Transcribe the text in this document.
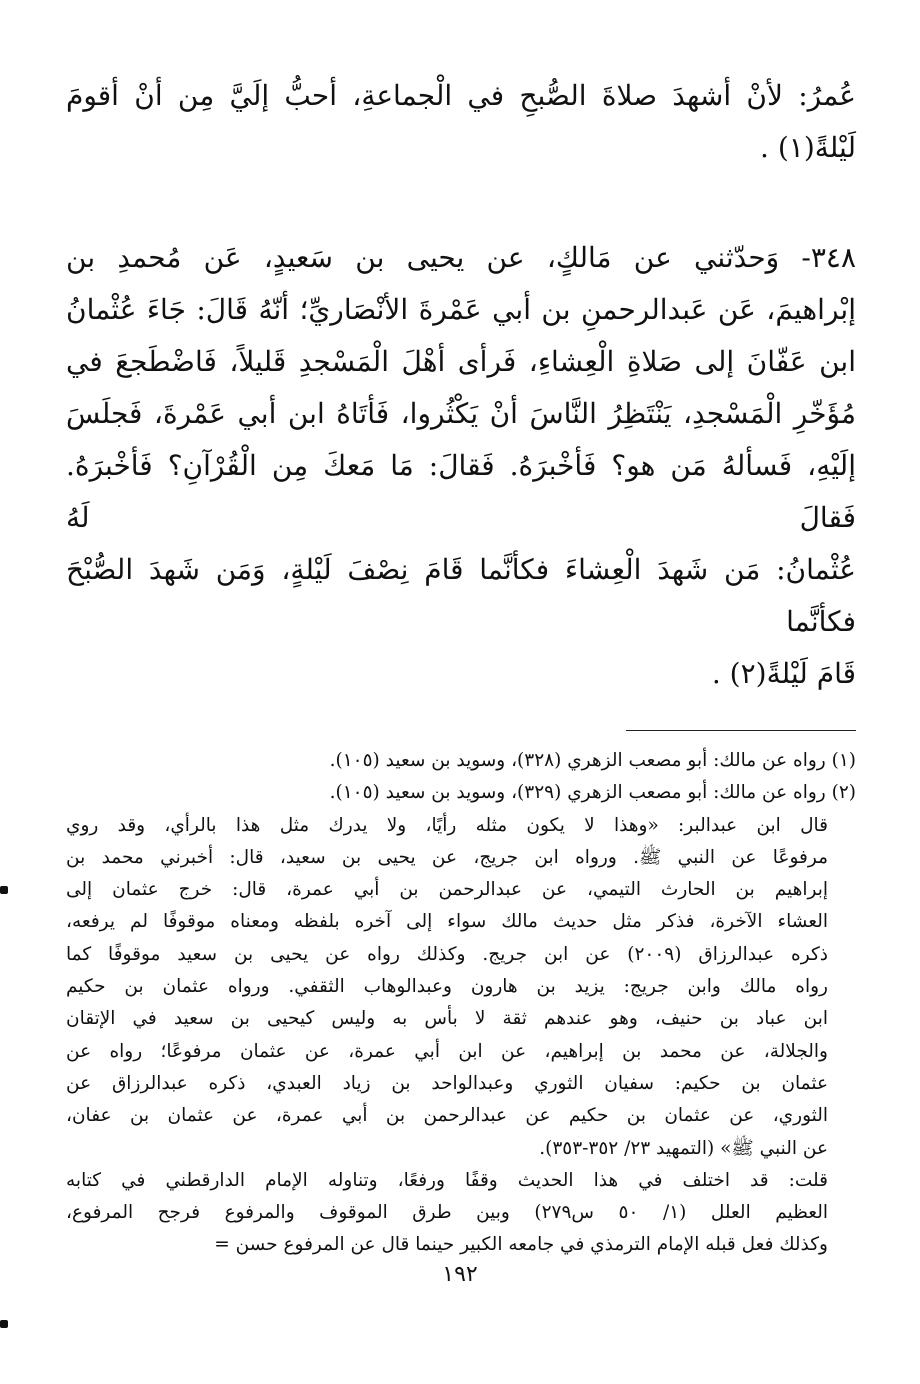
عُمرُ: لأنْ أشهدَ صلاةَ الصُّبحِ في الْجماعةِ، أحبُّ إلَيَّ مِن أنْ أقومَ
لَيْلةً(١) .
٣٤٨- وَحدّثني عن مَالكٍ، عن يحيى بن سَعيدٍ، عَن مُحمدِ بن
إبْراهيمَ، عَن عَبدالرحمنِ بن أبي عَمْرةَ الأنْصَاريِّ؛ أنّهُ قَالَ: جَاءَ عُثْمانُ
ابن عَفّانَ إلى صَلاةِ الْعِشاءِ، فَرأى أهْلَ الْمَسْجدِ قَليلاً، فَاضْطَجعَ في
مُؤَخّرِ الْمَسْجدِ، يَنْتَظِرُ النَّاسَ أنْ يَكْثُروا، فَأتَاهُ ابن أبي عَمْرةَ، فَجلَسَ
إلَيْهِ، فَسألهُ مَن هو؟ فَأخْبرَهُ. فَقالَ: مَا مَعكَ مِن الْقُرْآنِ؟ فَأخْبرَهُ. فَقالَ لَهُ
عُثْمانُ: مَن شَهدَ الْعِشاءَ فكأنَّما قَامَ نِصْفَ لَيْلةٍ، وَمَن شَهدَ الصُّبْحَ فكأنَّما
قَامَ لَيْلةً(٢) .
(١) رواه عن مالك: أبو مصعب الزهري (٣٢٨)، وسويد بن سعيد (١٠٥).
(٢) رواه عن مالك: أبو مصعب الزهري (٣٢٩)، وسويد بن سعيد (١٠٥).
قال ابن عبدالبر: «وهذا لا يكون مثله رأيًا، ولا يدرك مثل هذا بالرأي، وقد روي
مرفوعًا عن النبي ﷺ. ورواه ابن جريج، عن يحيى بن سعيد، قال: أخبرني محمد بن
إبراهيم بن الحارث التيمي، عن عبدالرحمن بن أبي عمرة، قال: خرج عثمان إلى
العشاء الآخرة، فذكر مثل حديث مالك سواء إلى آخره بلفظه ومعناه موقوفًا لم يرفعه،
ذكره عبدالرزاق (٢٠٠٩) عن ابن جريج. وكذلك رواه عن يحيى بن سعيد موقوفًا كما
رواه مالك وابن جريج: يزيد بن هارون وعبدالوهاب الثقفي. ورواه عثمان بن حكيم
ابن عباد بن حنيف، وهو عندهم ثقة لا بأس به وليس كيحيى بن سعيد في الإتقان
والجلالة، عن محمد بن إبراهيم، عن ابن أبي عمرة، عن عثمان مرفوعًا؛ رواه عن
عثمان بن حكيم: سفيان الثوري وعبدالواحد بن زياد العبدي، ذكره عبدالرزاق عن
الثوري، عن عثمان بن حكيم عن عبدالرحمن بن أبي عمرة، عن عثمان بن عفان،
عن النبي ﷺ» (التمهيد ٢٣/ ٣٥٢-٣٥٣).
قلت: قد اختلف في هذا الحديث وقفًا ورفعًا، وتناوله الإمام الدارقطني في كتابه
العظيم العلل (١/ ٥٠ س٢٧٩) وبين طرق الموقوف والمرفوع فرجح المرفوع،
وكذلك فعل قبله الإمام الترمذي في جامعه الكبير حينما قال عن المرفوع حسن =
١٩٢
